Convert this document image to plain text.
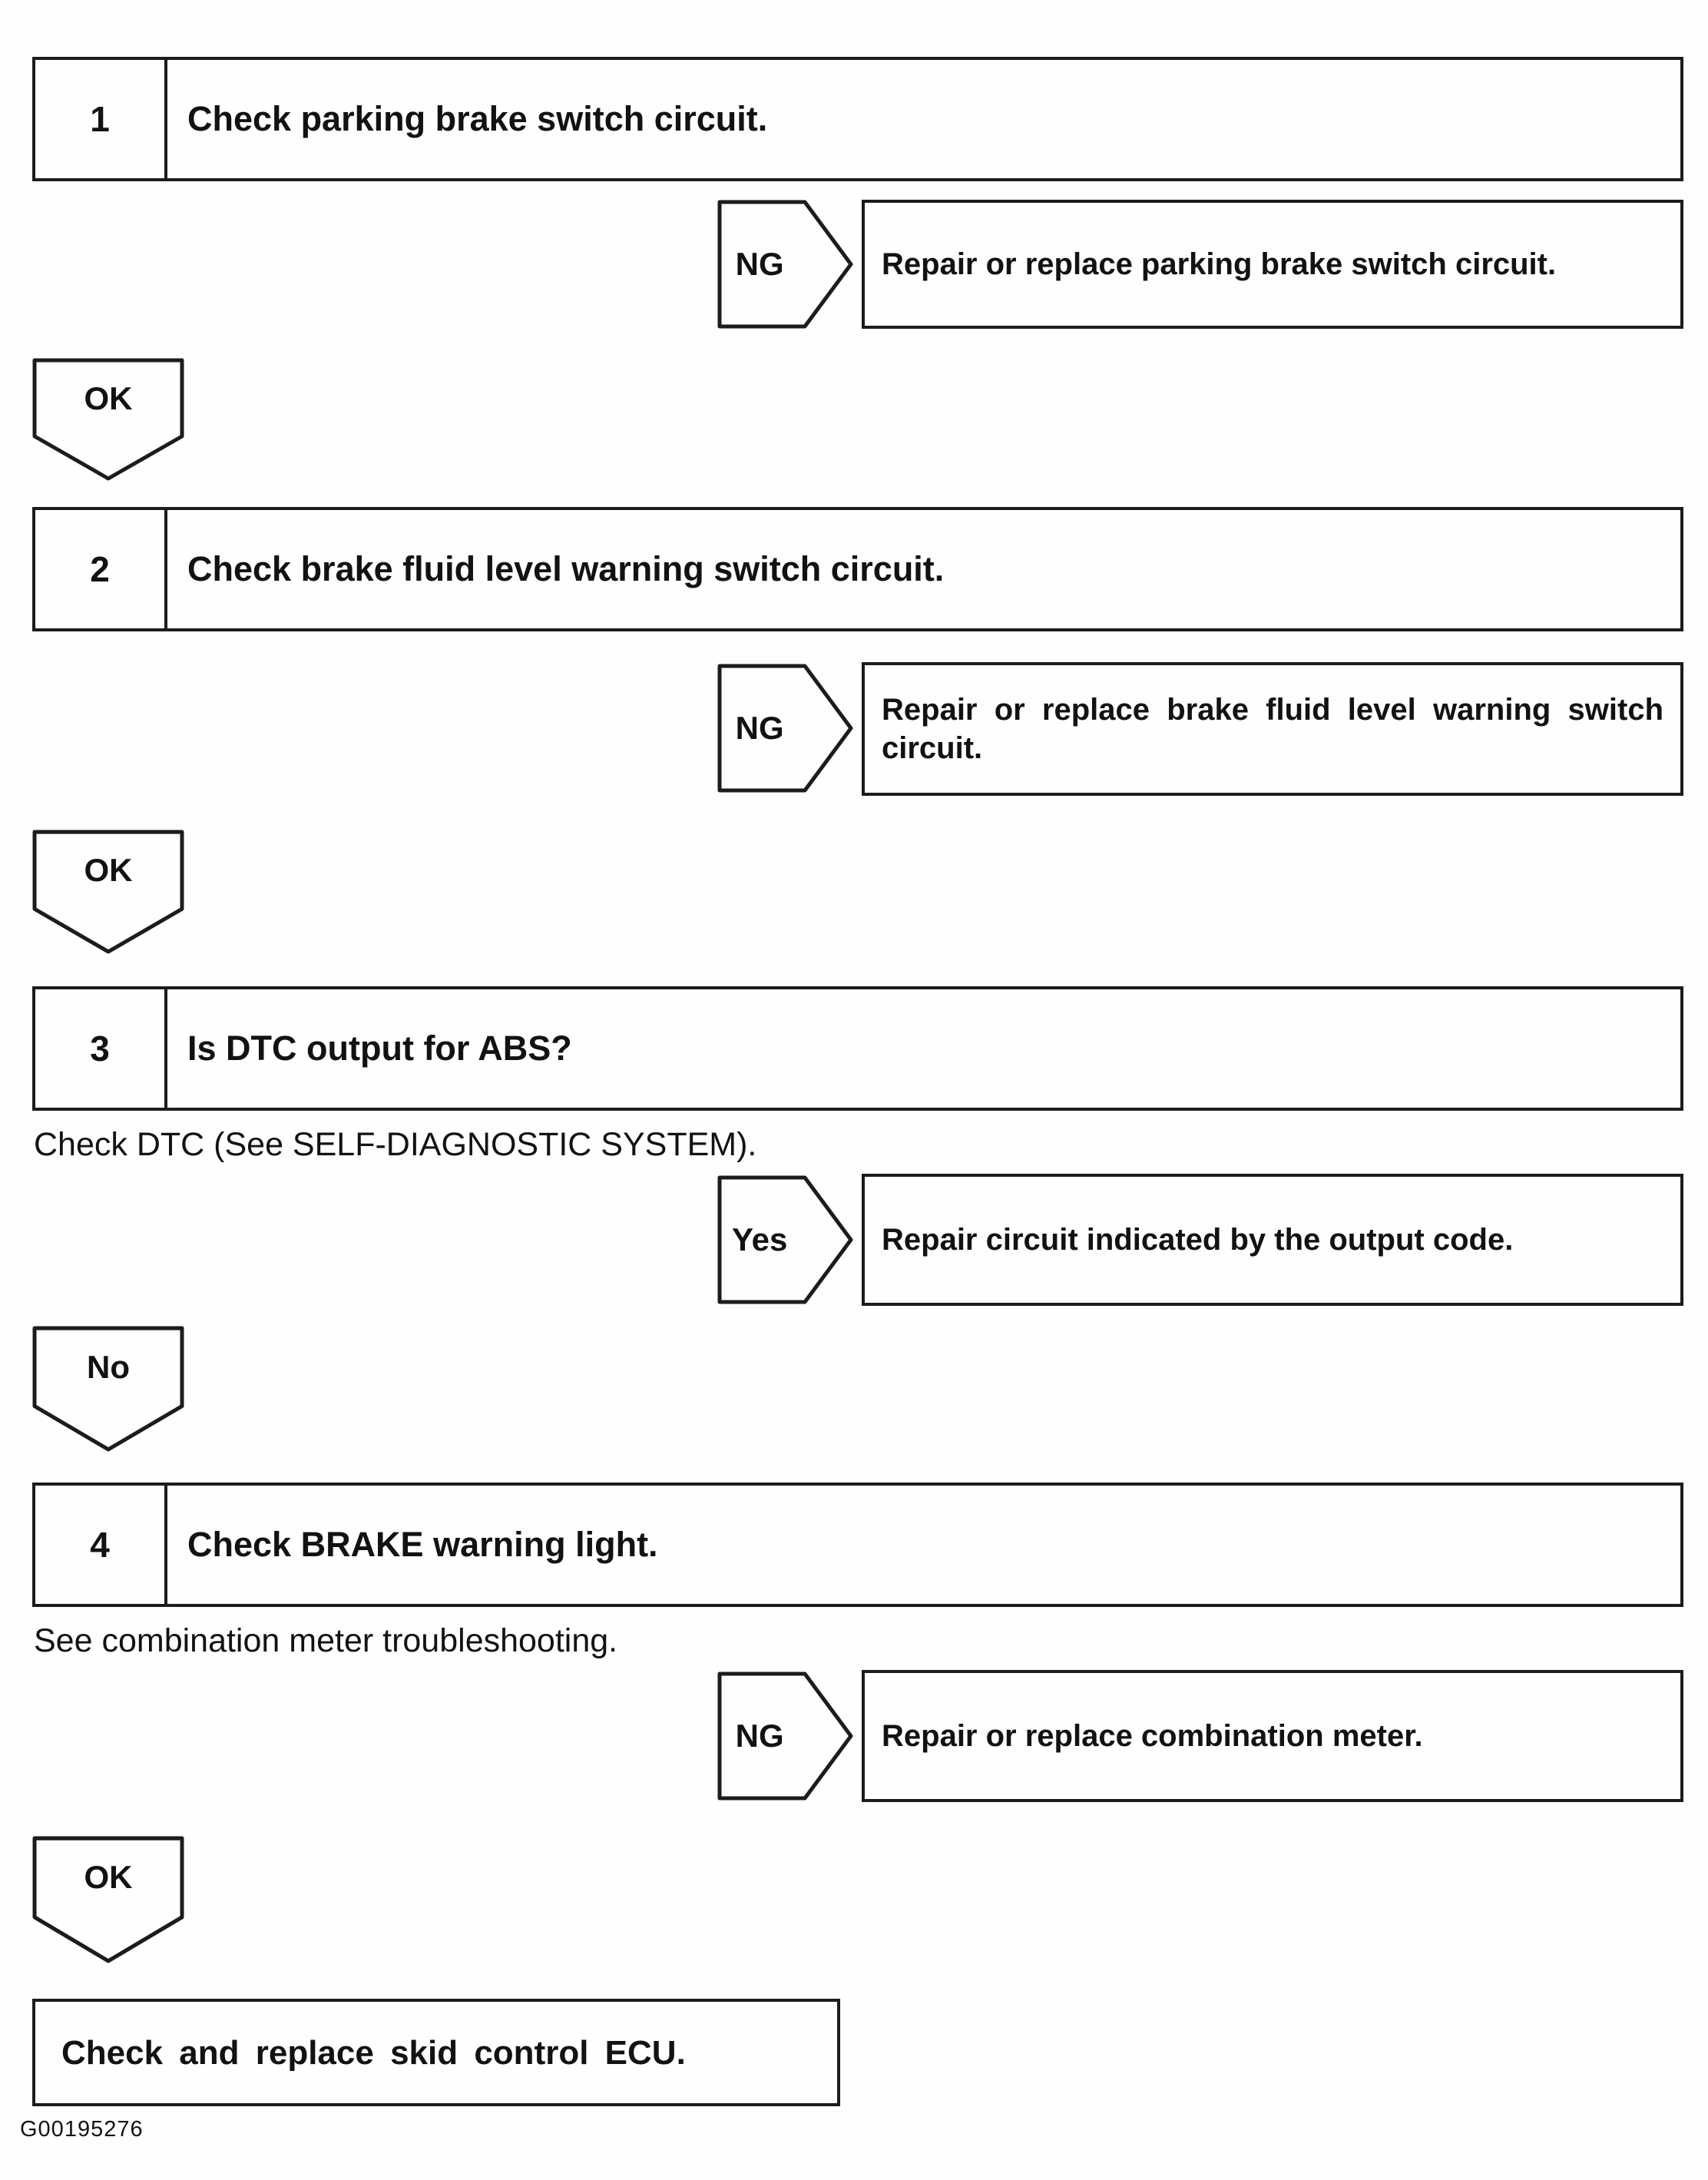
1	Check parking brake switch circuit.
NG	Repair or replace parking brake switch circuit.
OK
2	Check brake fluid level warning switch circuit.
NG	Repair or replace brake fluid level warning switch circuit.
OK
3	Is DTC output for ABS?
Check DTC (See SELF-DIAGNOSTIC SYSTEM).
Yes	Repair circuit indicated by the output code.
No
4	Check BRAKE warning light.
See combination meter troubleshooting.
NG	Repair or replace combination meter.
OK
Check and replace skid control ECU.
G00195276
